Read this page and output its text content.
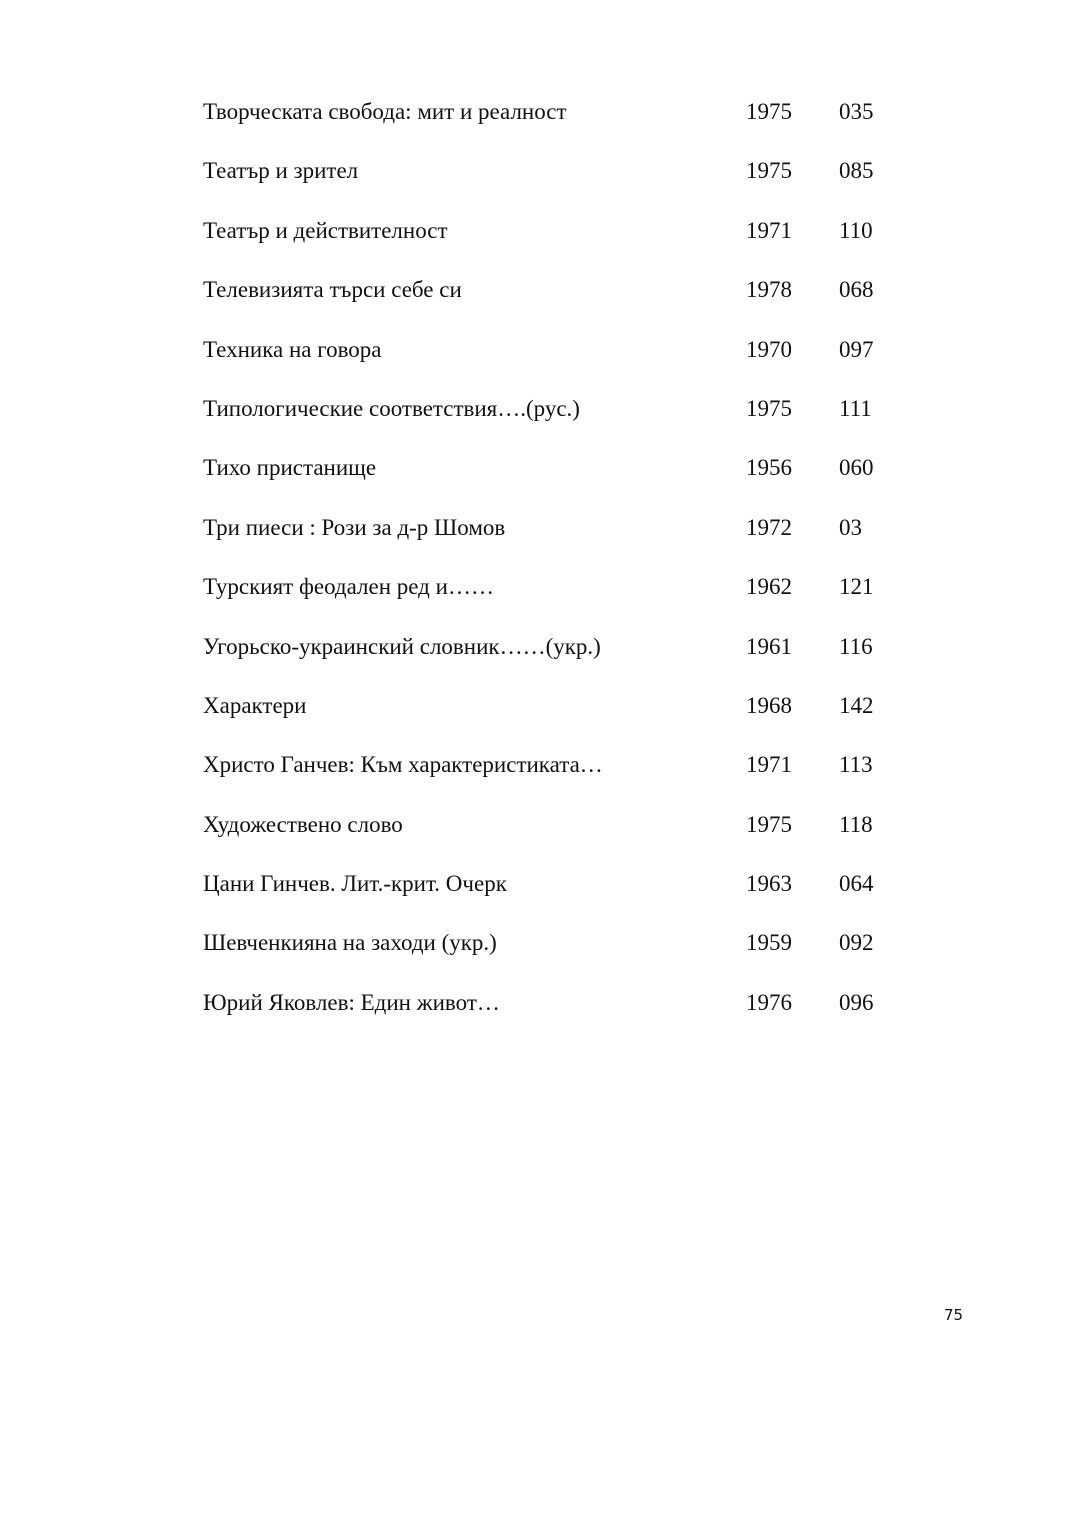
Творческата свобода: мит и реалност	1975 035
Театър и зрител	1975 085
Театър и действителност	1971 110
Телевизията търси себе си	1978 068
Техника на говора	1970 097
Типологические соответствия….(рус.)	1975 111
Тихо пристанище	1956 060
Три пиеси : Рози за д-р Шомов	1972 03
Турският феодален ред и……	1962 121
Угорьско-украинский словник……(укр.)	1961 116
Характери	1968 142
Христо Ганчев: Към характеристиката…	1971 113
Художествено слово	1975 118
Цани Гинчев. Лит.-крит. Очерк	1963 064
Шевченкияна на заходи (укр.)	1959 092
Юрий Яковлев: Един живот…	1976 096
75
